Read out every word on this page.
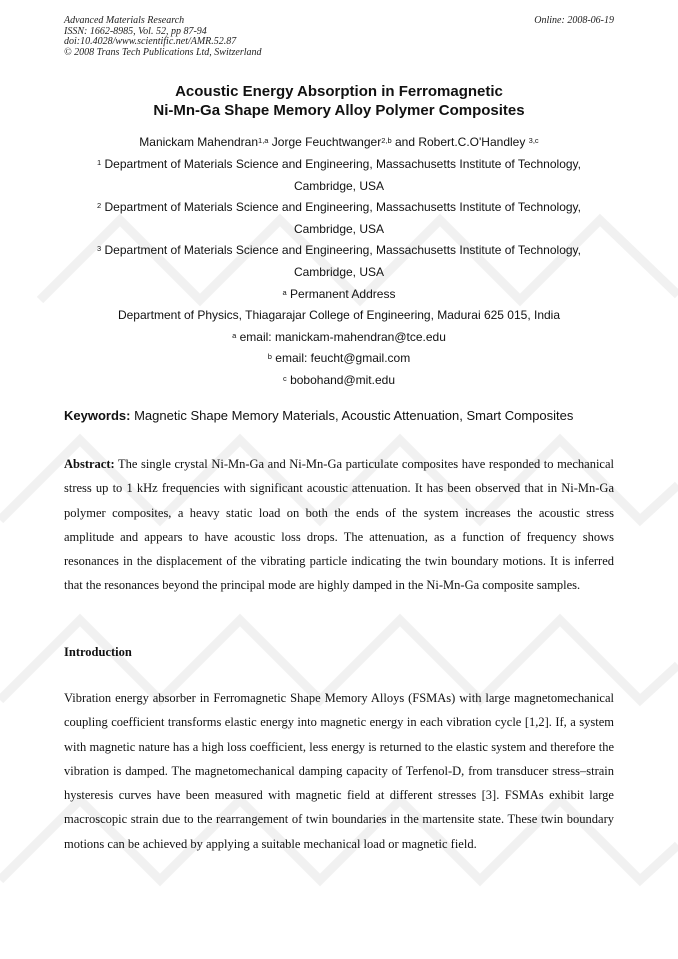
Advanced Materials Research
ISSN: 1662-8985, Vol. 52, pp 87-94
doi:10.4028/www.scientific.net/AMR.52.87
© 2008 Trans Tech Publications Ltd, Switzerland
Online: 2008-06-19
Acoustic Energy Absorption in Ferromagnetic
Ni-Mn-Ga Shape Memory Alloy Polymer Composites
Manickam Mahendran$^{1,a}$ Jorge Feuchtwanger$^{2,b}$ and Robert.C.O'Handley $^{3,c}$
$^1$ Department of Materials Science and Engineering, Massachusetts Institute of Technology,
Cambridge, USA
$^2$ Department of Materials Science and Engineering, Massachusetts Institute of Technology,
Cambridge, USA
$^3$ Department of Materials Science and Engineering, Massachusetts Institute of Technology,
Cambridge, USA
$^a$ Permanent Address
Department of Physics, Thiagarajar College of Engineering, Madurai 625 015, India
$^a$ email: manickam-mahendran@tce.edu
$^b$ email: feucht@gmail.com
$^c$ bobohand@mit.edu
Keywords: Magnetic Shape Memory Materials, Acoustic Attenuation, Smart Composites
Abstract: The single crystal Ni-Mn-Ga and Ni-Mn-Ga particulate composites have responded to mechanical stress up to 1 kHz frequencies with significant acoustic attenuation. It has been observed that in Ni-Mn-Ga polymer composites, a heavy static load on both the ends of the system increases the acoustic stress amplitude and appears to have acoustic loss drops. The attenuation, as a function of frequency shows resonances in the displacement of the vibrating particle indicating the twin boundary motions. It is inferred that the resonances beyond the principal mode are highly damped in the Ni-Mn-Ga composite samples.
Introduction
Vibration energy absorber in Ferromagnetic Shape Memory Alloys (FSMAs) with large magnetomechanical coupling coefficient transforms elastic energy into magnetic energy in each vibration cycle [1,2]. If, a system with magnetic nature has a high loss coefficient, less energy is returned to the elastic system and therefore the vibration is damped. The magnetomechanical damping capacity of Terfenol-D, from transducer stress–strain hysteresis curves have been measured with magnetic field at different stresses [3]. FSMAs exhibit large macroscopic strain due to the rearrangement of twin boundaries in the martensite state. These twin boundary motions can be achieved by applying a suitable mechanical load or magnetic field.
